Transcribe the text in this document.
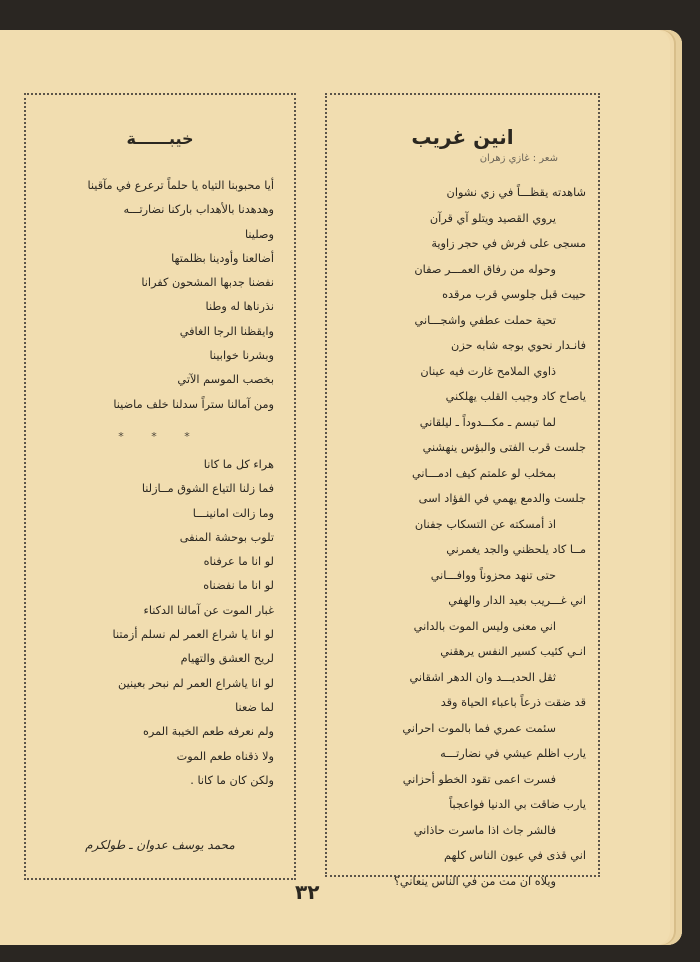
انين غريب
شعر : غازي زهران
شاهدته يقظـــاً في زي نشوان
يروي القصيد ويتلو آي قرآن
مسجى على فرش في حجر زاوية
وحوله من رفاق العمـــر صفان
حييت قبل جلوسي قرب مرقده
تحية حملت عطفي واشجـــاني
فانـدار نحوي بوجه شابه حزن
ذاوي الملامح غارت فيه عينان
ياصاح كاد وجيب القلب يهلكني
لما تبسم ـ مكـــدوداً ـ ليلقاني
جلست قرب الفتى والبؤس ينهشني
بمخلب لو علمتم كيف ادمـــاني
جلست والدمع يهمي في الفؤاد اسى
اذ أمسكته عن التسكاب جفنان
مــا كاد يلحظني والجد يغمرني
حتى تنهد محزوناً ووافـــاني
اني غـــريب بعيد الدار والهفي
اني معنى وليس الموت بالداني
انـي كئيب كسير النفس يرهقني
ثقل الحديـــد وان الدهر اشقاني
قد ضقت ذرعاً باعباء الحياة وقد
سئمت عمري فما بالموت احراني
يارب اظلم عيشي في نضارتـــه
فسرت اعمى تقود الخطو أحزاني
يارب ضاقت بي الدنيا فواعجباً
فالشر جاث اذا ماسرت حاذاني
اني قذى في عيون الناس كلهم
ويلاه ان مت من في الناس ينعاني؟
خيبــــــة
أيا محبوبنا التياه يا حلماً ترعرع في مآقينا
وهدهدنا بالأهداب باركنا نضارتـــه
وصلينا
أضالعنا وأودينا بظلمتها
نفضنا جدبها المشحون كفرانا
نذرناها له وطنا
وايقظنا الرجا الغافي
وبشرنا خوابينا
بخصب الموسم الآتي
ومن آمالنا ستراً سدلنا خلف ماضينا
* * *
هراء كل ما كانا
فما زلنا التياع الشوق مــازلنا
وما زالت امانينـــا
تلوب بوحشة المنفى
لو انا ما عرفناه
لو انا ما نفضناه
غبار الموت عن آمالنا الدكناء
لو انا يا شراع العمر لم نسلم أزمتنا
لريح العشق والتهيام
لو انا ياشراع العمر لم نبحر بعينين
لما ضعنا
ولم نعرفه طعم الخيبة المره
ولا ذقناه طعم الموت
ولكن كان ما كانا .
محمد يوسف عدوان ـ طولكرم
٣٢
